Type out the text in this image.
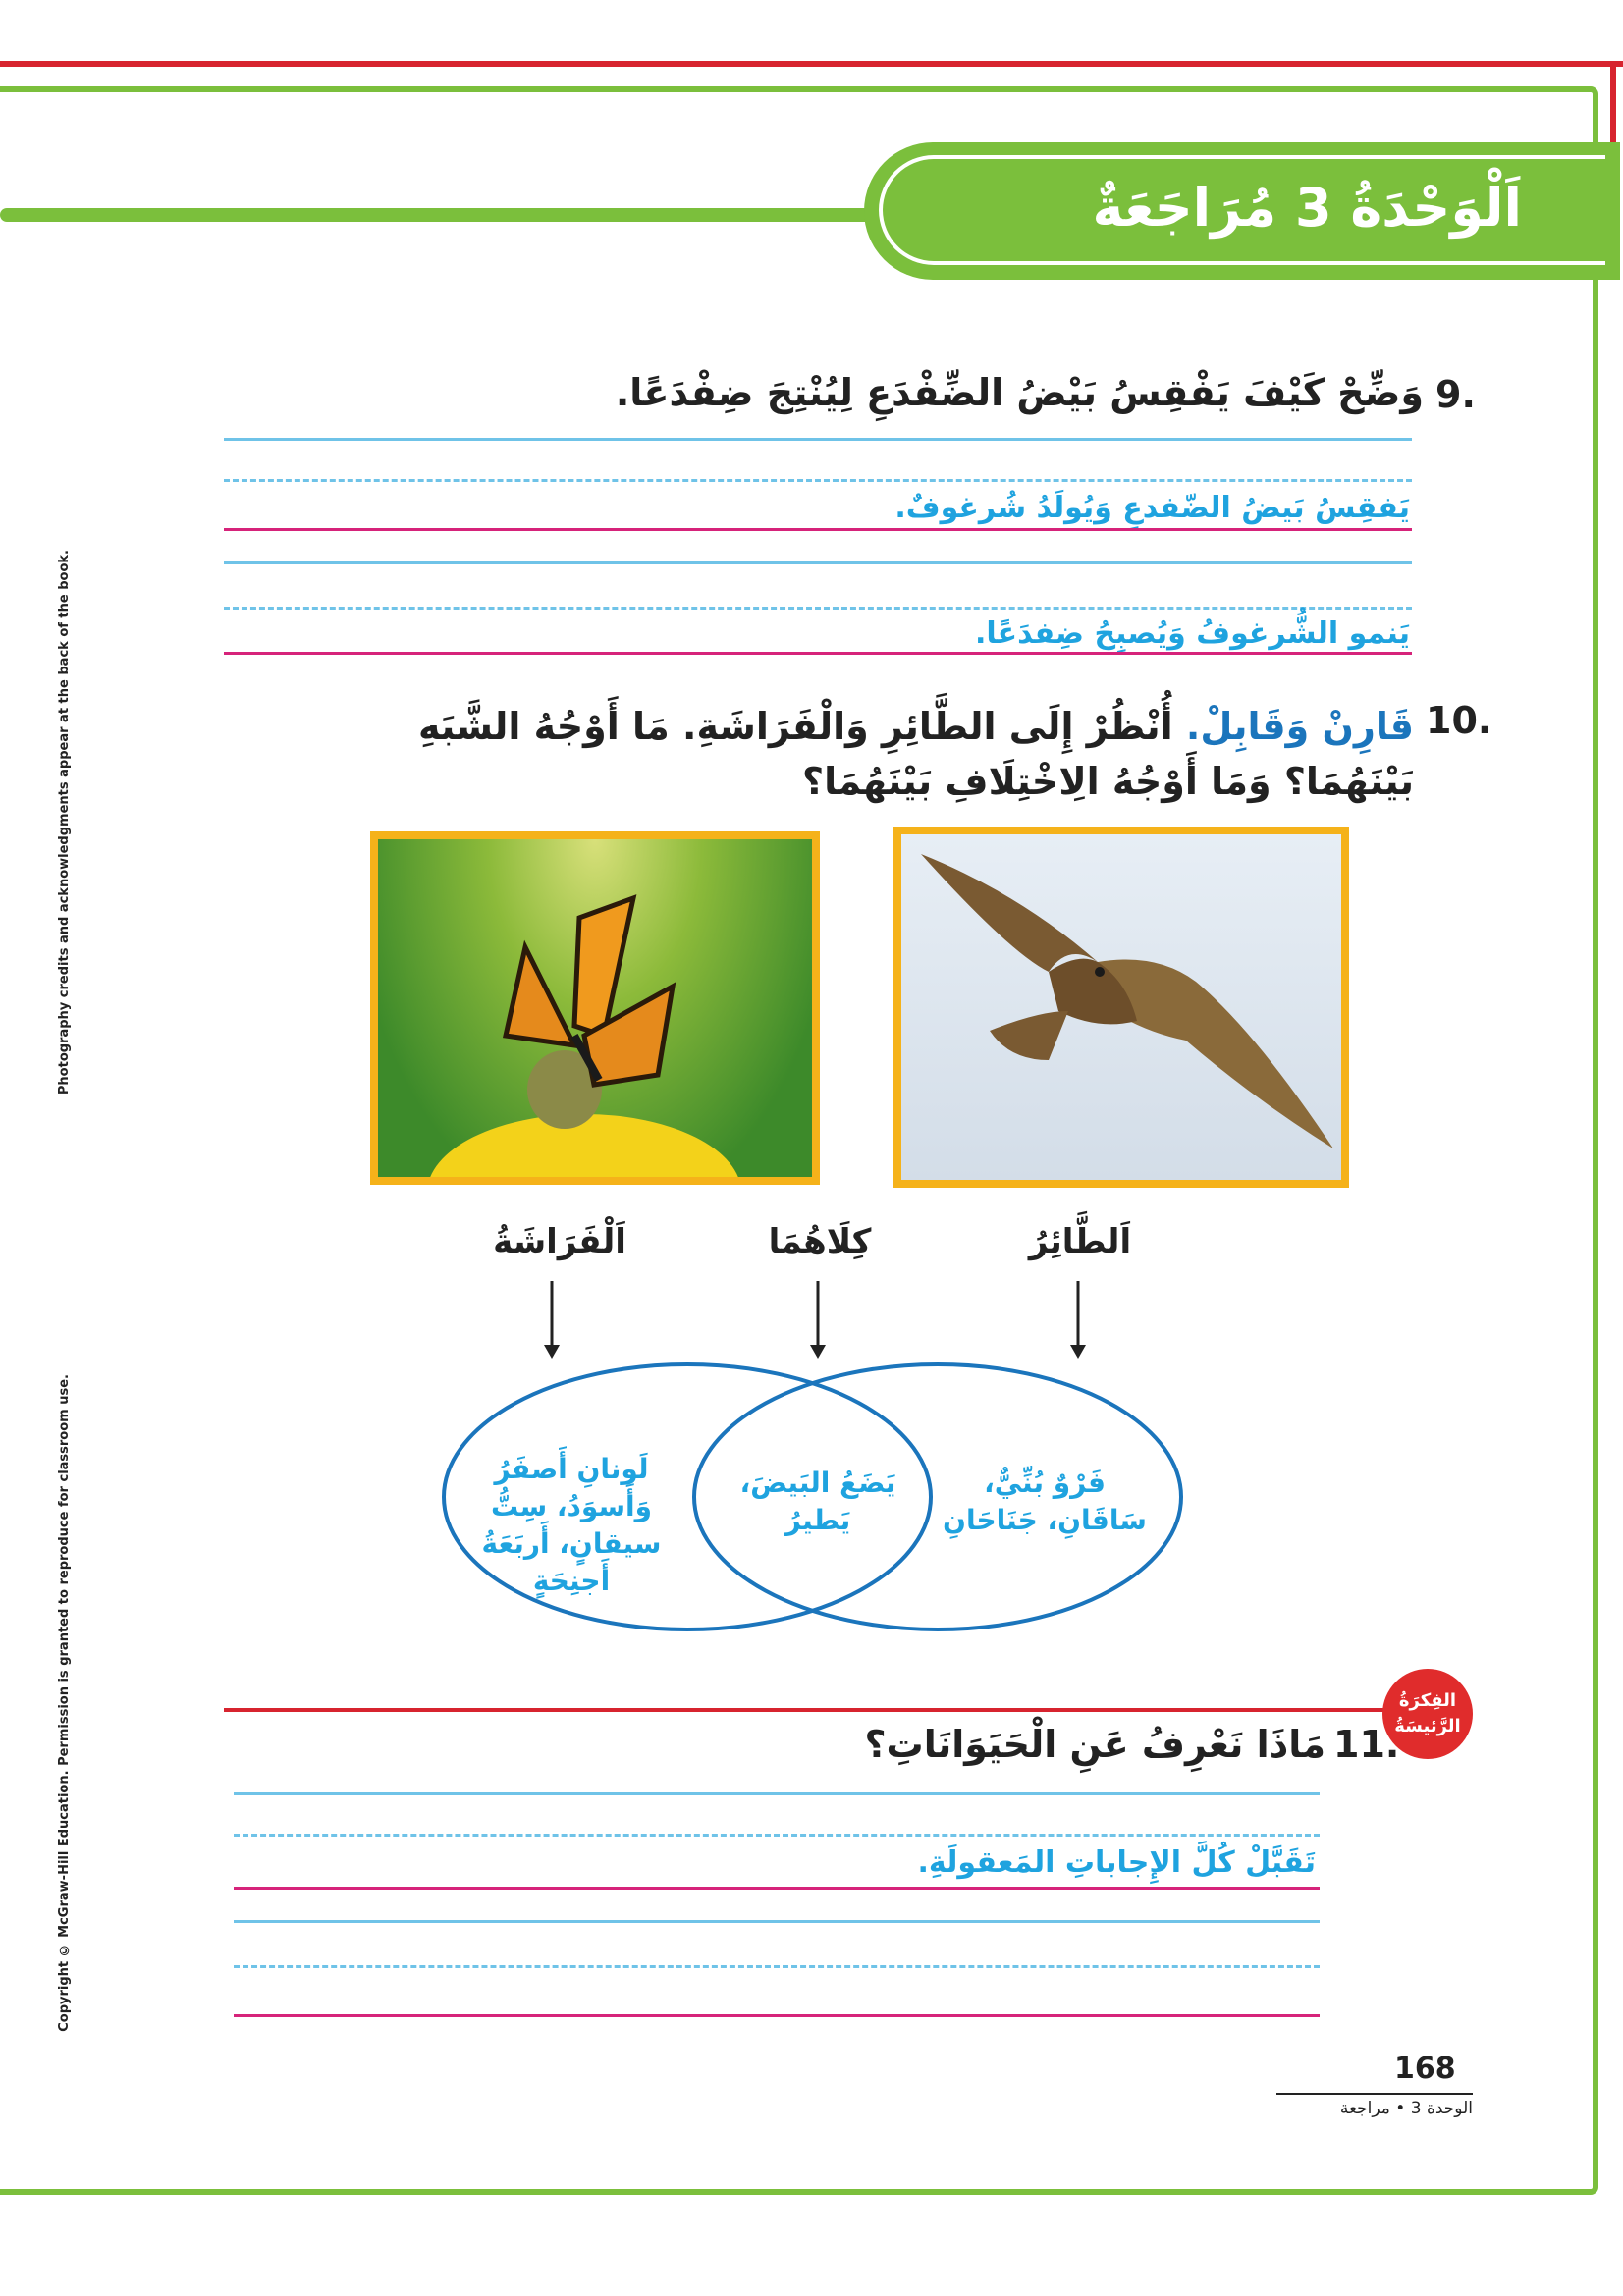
اَلْوَحْدَةُ 3 مُرَاجَعَةٌ
Photography credits and acknowledgments appear at the back of the book.
Copyright © McGraw-Hill Education. Permission is granted to reproduce for classroom use.
9.
وَضِّحْ كَيْفَ يَفْقِسُ بَيْضُ الضِّفْدَعِ لِيُنْتِجَ ضِفْدَعًا.
يَفقِسُ بَيضُ الضّفدعِ وَيُولَدُ شُرغوفٌ.
يَنمو الشُّرغوفُ وَيُصبِحُ ضِفدَعًا.
10.
قَارِنْ وَقَابِلْ. أُنْظُرْ إِلَى الطَّائِرِ وَالْفَرَاشَةِ. مَا أَوْجُهُ الشَّبَهِ بَيْنَهُمَا؟ وَمَا أَوْجُهُ الِاخْتِلَافِ بَيْنَهُمَا؟
اَلْفَرَاشَةُ	كِلَاهُمَا	اَلطَّائِرُ
لَونانِ أَصفَرُ وَأَسوَدُ، سِتُّ سيقانٍ، أَربَعَةُ أَجنِحَةٍ
يَضَعُ البَيضَ، يَطيرُ
فَرْوٌ بُنِّيٌّ، سَاقَانِ، جَنَاحَانِ
الفِكرَةُ الرَّئيسَةُ
11.
مَاذَا نَعْرِفُ عَنِ الْحَيَوَانَاتِ؟
تَقَبَّلْ كُلَّ الإِجاباتِ المَعقولَةِ.
168
الوحدة 3 • مراجعة
